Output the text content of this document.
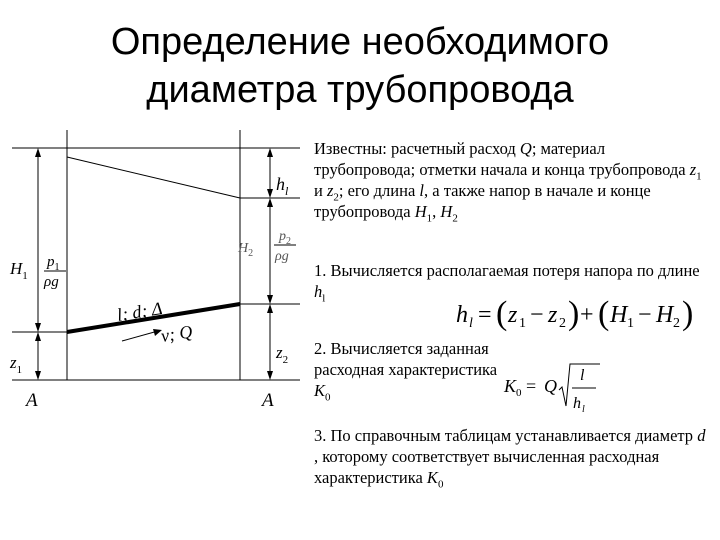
Определение необходимого
диаметра трубопровода
$h_l$
$H_1$
$p_1$
ρg
$H_2$
$p_2$
ρg
l; d; Δ
v; Q
$z_1$
$z_2$
A	A
Известны: расчетный расход Q; материал трубопровода; отметки начала и конца трубопровода $z_1$ и $z_2$; его длина l, а также напор в начале и конце трубопровода $H_1$, $H_2$
1. Вычисляется располагаемая потеря напора по длине $h_l$
h l = ( z 1 − z 2 ) + ( H 1 − H 2 )
2. Вычисляется заданная расходная характеристика $K_0$
K 0 = Q
l
h l
3. По справочным таблицам устанавливается диаметр d , которому соответствует вычисленная расходная характеристика $K_0$
